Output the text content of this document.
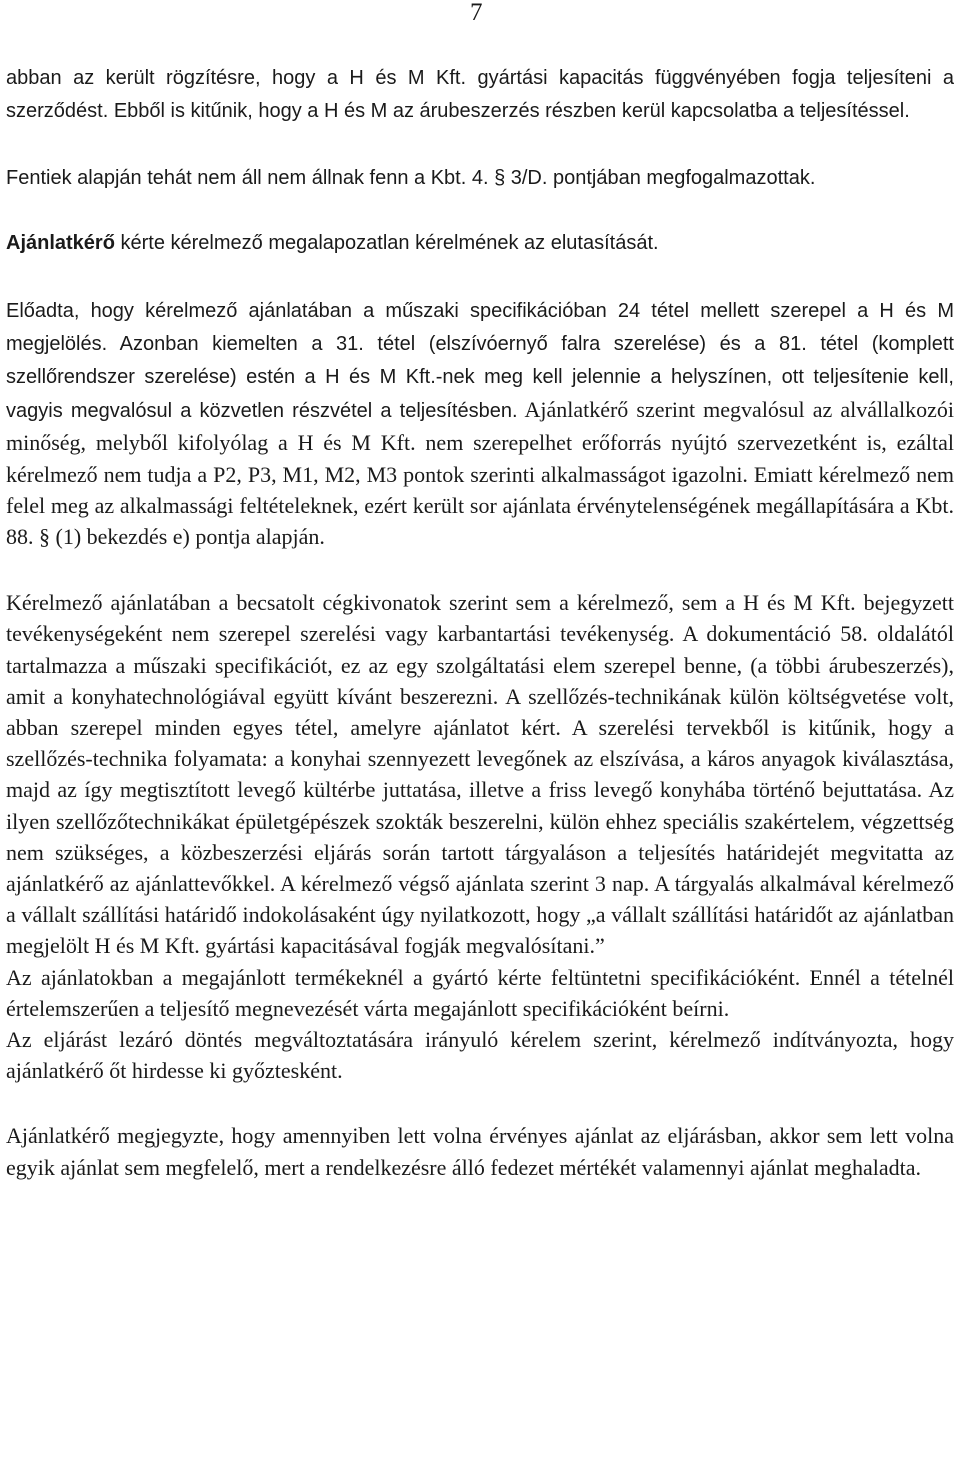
7

abban az került rögzítésre, hogy a H és M Kft. gyártási kapacitás függvényében fogja teljesíteni a szerződést. Ebből is kitűnik, hogy a H és M az árubeszerzés részben kerül kapcsolatba a teljesítéssel.

Fentiek alapján tehát nem áll nem állnak fenn a Kbt. 4. § 3/D. pontjában megfogalmazottak.

Ajánlatkérő kérte kérelmező megalapozatlan kérelmének az elutasítását.

Előadta, hogy kérelmező ajánlatában a műszaki specifikációban 24 tétel mellett szerepel a H és M megjelölés. Azonban kiemelten a 31. tétel (elszívóernyő falra szerelése) és a 81. tétel (komplett szellőrendszer szerelése) estén a H és M Kft.-nek meg kell jelennie a helyszínen, ott teljesítenie kell, vagyis megvalósul a közvetlen részvétel a teljesítésben. Ajánlatkérő szerint megvalósul az alvállalkozói minőség, melyből kifolyólag a H és M Kft. nem szerepelhet erőforrás nyújtó szervezetként is, ezáltal kérelmező nem tudja a P2, P3, M1, M2, M3 pontok szerinti alkalmasságot igazolni. Emiatt kérelmező nem felel meg az alkalmassági feltételeknek, ezért került sor ajánlata érvénytelenségének megállapítására a Kbt. 88. § (1) bekezdés e) pontja alapján.

Kérelmező ajánlatában a becsatolt cégkivonatok szerint sem a kérelmező, sem a H és M Kft. bejegyzett tevékenységeként nem szerepel szerelési vagy karbantartási tevékenység. A dokumentáció 58. oldalától tartalmazza a műszaki specifikációt, ez az egy szolgáltatási elem szerepel benne, (a többi árubeszerzés), amit a konyhatechnológiával együtt kívánt beszerezni. A szellőzés-technikának külön költségvetése volt, abban szerepel minden egyes tétel, amelyre ajánlatot kért. A szerelési tervekből is kitűnik, hogy a szellőzés-technika folyamata: a konyhai szennyezett levegőnek az elszívása, a káros anyagok kiválasztása, majd az így megtisztított levegő kültérbe juttatása, illetve a friss levegő konyhába történő bejuttatása. Az ilyen szellőzőtechnikákat épületgépészek szokták beszerelni, külön ehhez speciális szakértelem, végzettség nem szükséges, a közbeszerzési eljárás során tartott tárgyaláson a teljesítés határidejét megvitatta az ajánlatkérő az ajánlattevőkkel. A kérelmező végső ajánlata szerint 3 nap. A tárgyalás alkalmával kérelmező a vállalt szállítási határidő indokolásaként úgy nyilatkozott, hogy „a vállalt szállítási határidőt az ajánlatban megjelölt H és M Kft. gyártási kapacitásával fogják megvalósítani.”

Az ajánlatokban a megajánlott termékeknél a gyártó kérte feltüntetni specifikációként. Ennél a tételnél értelemszerűen a teljesítő megnevezését várta megajánlott specifikációként beírni.

Az eljárást lezáró döntés megváltoztatására irányuló kérelem szerint, kérelmező indítványozta, hogy ajánlatkérő őt hirdesse ki győztesként.

Ajánlatkérő megjegyzte, hogy amennyiben lett volna érvényes ajánlat az eljárásban, akkor sem lett volna egyik ajánlat sem megfelelő, mert a rendelkezésre álló fedezet mértékét valamennyi ajánlat meghaladta.
